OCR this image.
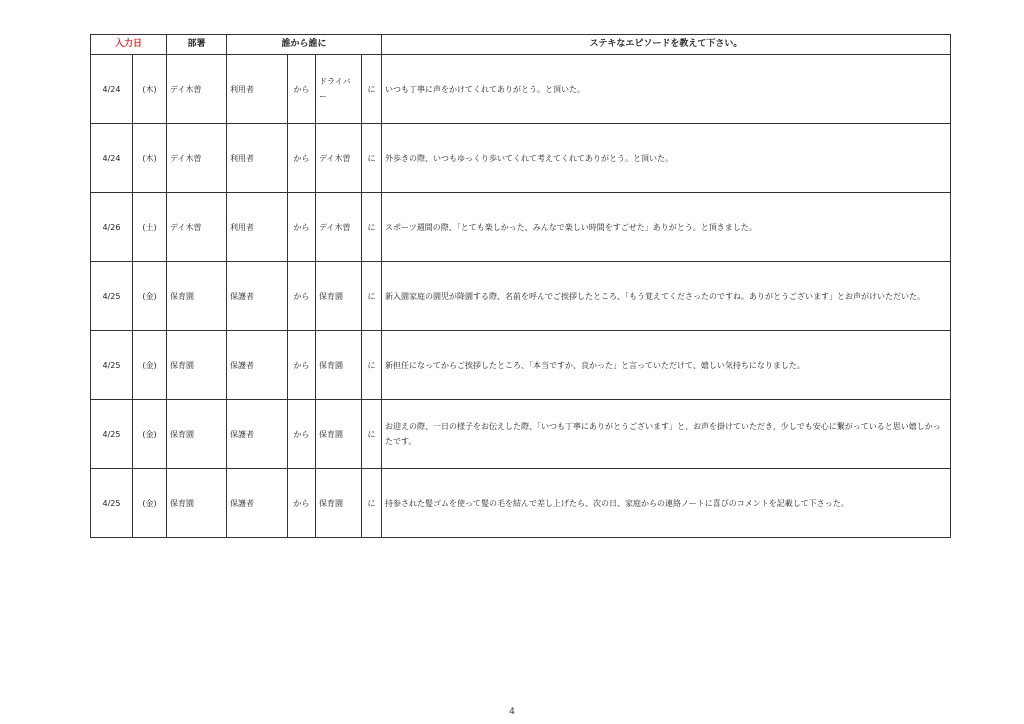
入力日		部署	誰から誰に				ステキなエピソードを教えて下さい。
4/24	(木)	デイ木曽	利用者	から	ドライバー	に	いつも丁寧に声をかけてくれてありがとう。と頂いた。
4/24	(木)	デイ木曽	利用者	から	デイ木曽	に	外歩きの際、いつもゆっくり歩いてくれて考えてくれてありがとう。と頂いた。
4/26	(土)	デイ木曽	利用者	から	デイ木曽	に	スポーツ週間の際、「とても楽しかった、みんなで楽しい時間をすごせた」ありがとう。と頂きました。
4/25	(金)	保育園	保護者	から	保育園	に	新入園家庭の園児が降園する際、名前を呼んでご挨拶したところ、「もう覚えてくださったのですね。ありがとうございます」とお声がけいただいた。
4/25	(金)	保育園	保護者	から	保育園	に	新担任になってからご挨拶したところ、「本当ですか、良かった」と言っていただけて、嬉しい気持ちになりました。
4/25	(金)	保育園	保護者	から	保育園	に	お迎えの際、一日の様子をお伝えした際、「いつも丁寧にありがとうございます」と、お声を掛けていただき、少しでも安心に繋がっていると思い嬉しかったです。
4/25	(金)	保育園	保護者	から	保育園	に	持参された髪ゴムを使って髪の毛を結んで差し上げたら、次の日、家庭からの連絡ノートに喜びのコメントを記載して下さった。
4
